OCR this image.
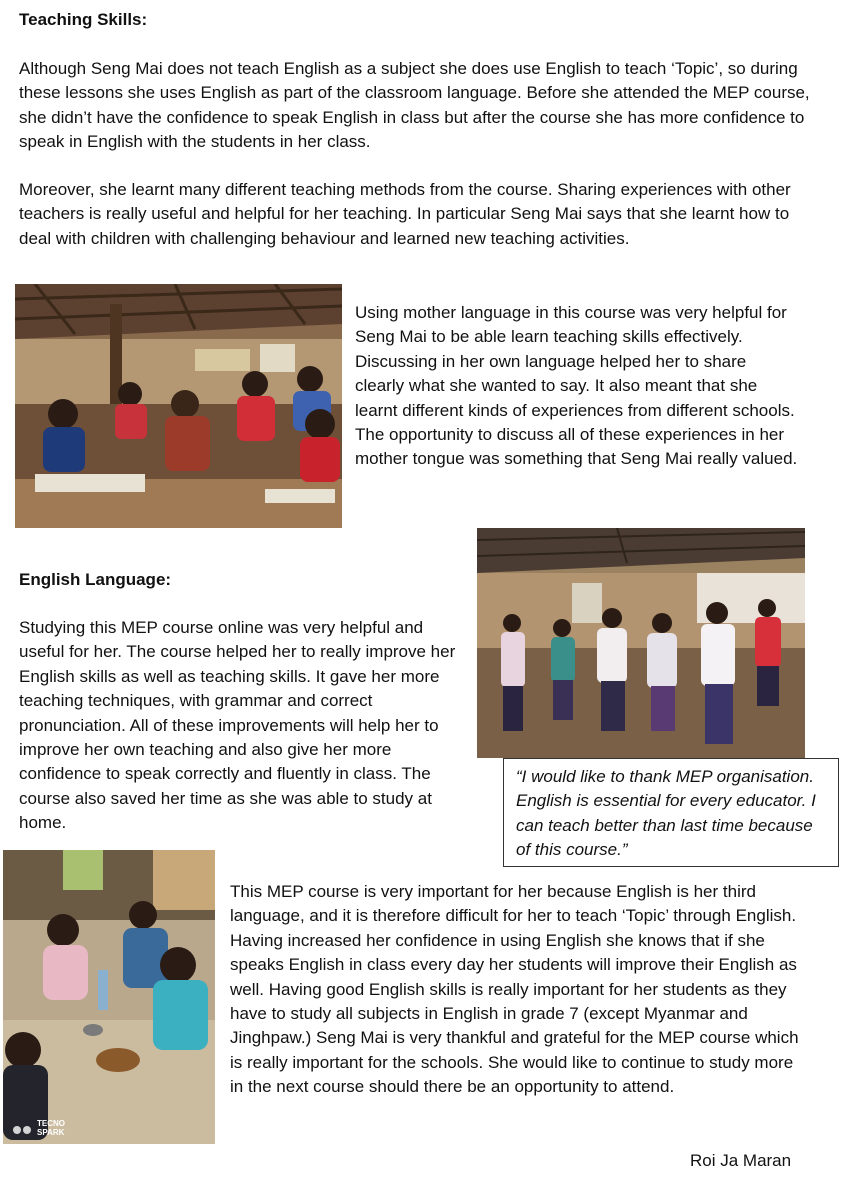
Teaching Skills:

Although Seng Mai does not teach English as a subject she does use English to teach ‘Topic’, so during these lessons she uses English as part of the classroom language. Before she attended the MEP course, she didn’t have the confidence to speak English in class but after the course she has more confidence to speak in English with the students in her class.

Moreover, she learnt many different teaching methods from the course. Sharing experiences with other teachers is really useful and helpful for her teaching. In particular Seng Mai says that she learnt how to deal with children with challenging behaviour and learned new teaching activities.

Using mother language in this course was very helpful for Seng Mai to be able learn teaching skills effectively. Discussing in her own language helped her to share clearly what she wanted to say. It also meant that she learnt different kinds of experiences from different schools. The opportunity to discuss all of these experiences in her mother tongue was something that Seng Mai really valued.

English Language:

Studying this MEP course online was very helpful and useful for her. The course helped her to really improve her English skills as well as teaching skills. It gave her more teaching techniques, with grammar and correct pronunciation. All of these improvements will help her to improve her own teaching and also give her more confidence to speak correctly and fluently in class. The course also saved her time as she was able to study at home.

“I would like to thank MEP organisation. English is essential for every educator. I can teach better than last time because of this course.”
TECNO SPARK

This MEP course is very important for her because English is her third language, and it is therefore difficult for her to teach ‘Topic’ through English. Having increased her confidence in using English she knows that if she speaks English in class every day her students will improve their English as well. Having good English skills is really important for her students as they have to study all subjects in English in grade 7 (except Myanmar and Jinghpaw.) Seng Mai is very thankful and grateful for the MEP course which is really important for the schools. She would like to continue to study more in the next course should there be an opportunity to attend.

Roi Ja Maran
